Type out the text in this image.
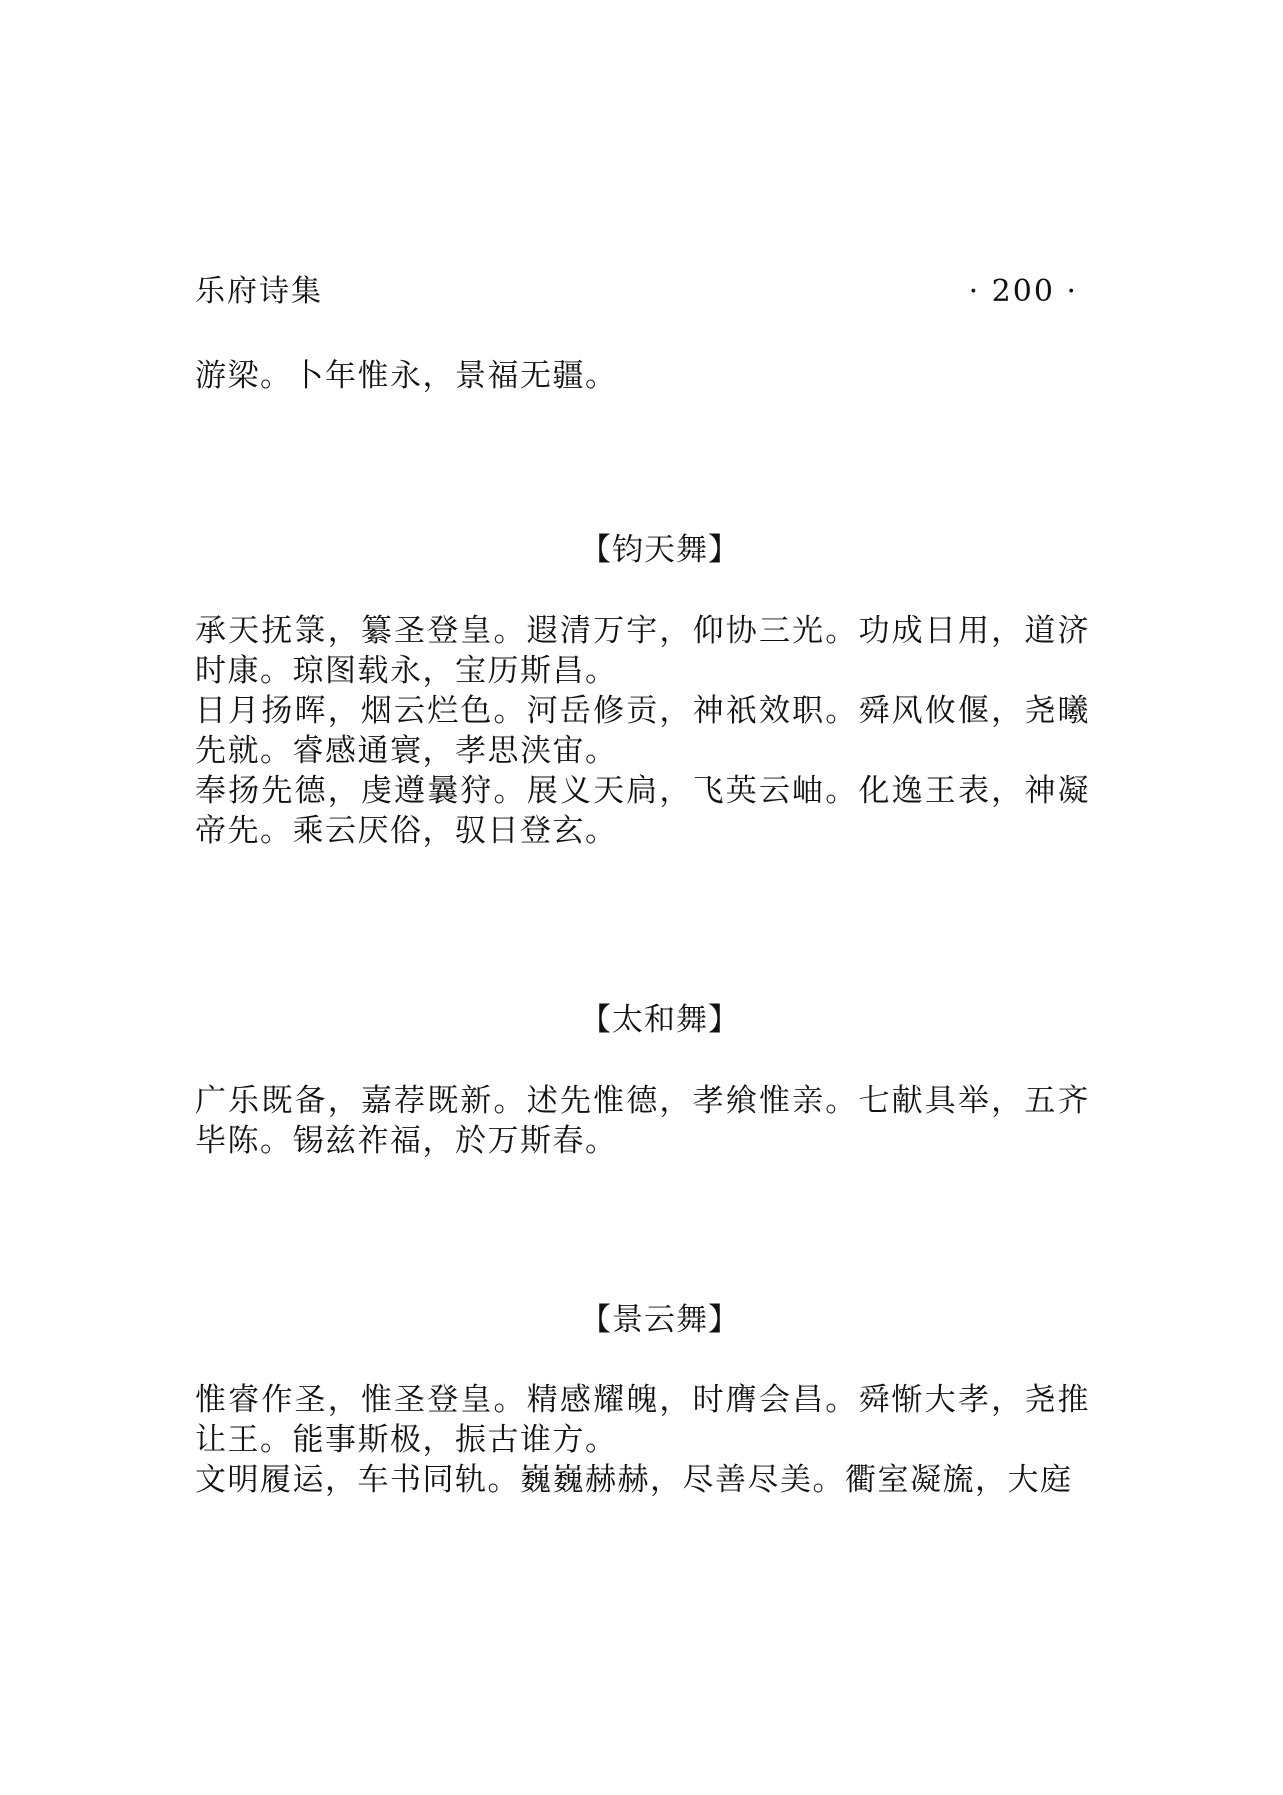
乐府诗集	· 200 ·

游梁。卜年惟永，景福无疆。

【钧天舞】

承天抚箓，纂圣登皇。遐清万宇，仰协三光。功成日用，道济时康。琼图载永，宝历斯昌。

日月扬晖，烟云烂色。河岳修贡，神祇效职。舜风攸偃，尧曦先就。睿感通寰，孝思浃宙。

奉扬先德，虔遵曩狩。展义天扃，飞英云岫。化逸王表，神凝帝先。乘云厌俗，驭日登玄。

【太和舞】

广乐既备，嘉荐既新。述先惟德，孝飨惟亲。七献具举，五齐毕陈。锡兹祚福，於万斯春。

【景云舞】

惟睿作圣，惟圣登皇。精感耀魄，时膺会昌。舜惭大孝，尧推让王。能事斯极，振古谁方。

文明履运，车书同轨。巍巍赫赫，尽善尽美。衢室凝旒，大庭
